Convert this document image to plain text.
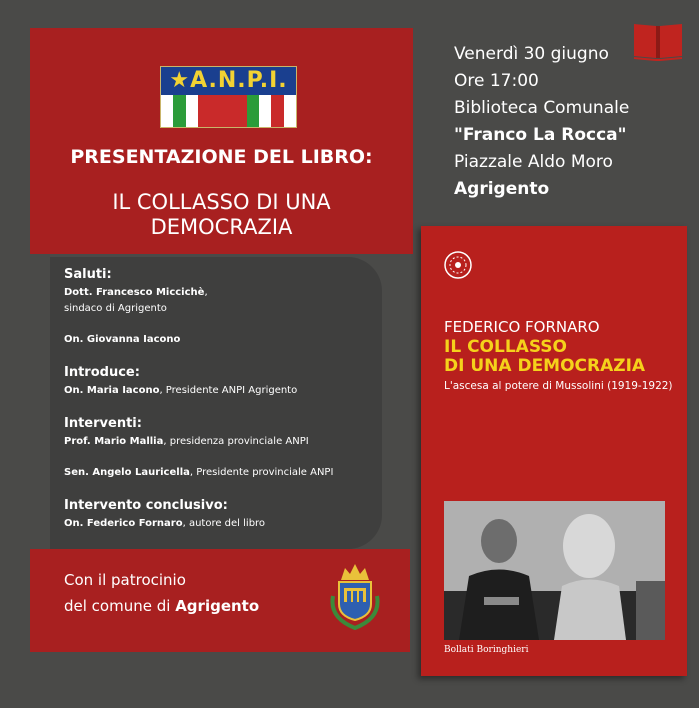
★A.N.P.I.
PRESENTAZIONE DEL LIBRO:
IL COLLASSO DI UNA
DEMOCRAZIA
Saluti:
Dott. Francesco Miccichè,
sindaco di Agrigento
On. Giovanna Iacono
Introduce:
On. Maria Iacono, Presidente ANPI Agrigento
Interventi:
Prof. Mario Mallia, presidenza provinciale ANPI
Sen. Angelo Lauricella, Presidente provinciale ANPI
Intervento conclusivo:
On. Federico Fornaro, autore del libro
Con il patrocinio
del comune di Agrigento
Venerdì 30 giugno
Ore 17:00
Biblioteca Comunale
"Franco La Rocca"
Piazzale Aldo Moro
Agrigento
FEDERICO FORNARO
IL COLLASSO
DI UNA DEMOCRAZIA
L'ascesa al potere di Mussolini (1919-1922)
Bollati Boringhieri
